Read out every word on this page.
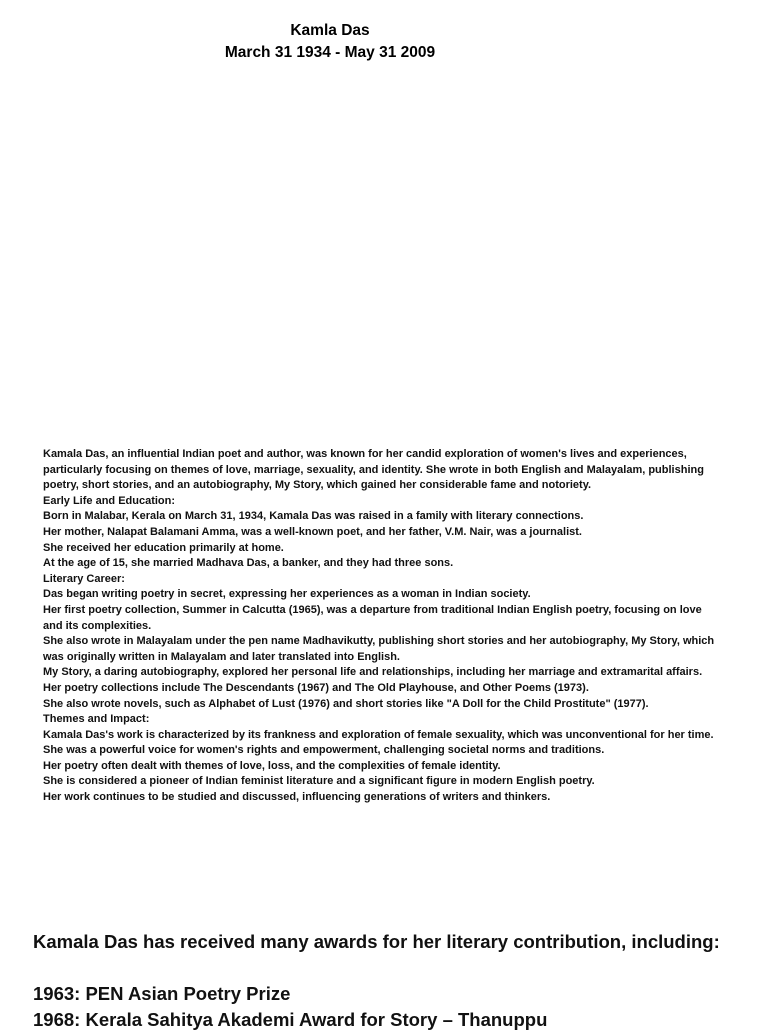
Kamla Das
March 31 1934 - May 31 2009

Kamala Das, an influential Indian poet and author, was known for her candid exploration of women's lives and experiences, particularly focusing on themes of love, marriage, sexuality, and identity. She wrote in both English and Malayalam, publishing poetry, short stories, and an autobiography, My Story, which gained her considerable fame and notoriety.

Early Life and Education:

Born in Malabar, Kerala on March 31, 1934, Kamala Das was raised in a family with literary connections.

Her mother, Nalapat Balamani Amma, was a well-known poet, and her father, V.M. Nair, was a journalist.

She received her education primarily at home.

At the age of 15, she married Madhava Das, a banker, and they had three sons.

Literary Career:

Das began writing poetry in secret, expressing her experiences as a woman in Indian society.

Her first poetry collection, Summer in Calcutta (1965), was a departure from traditional Indian English poetry, focusing on love and its complexities.

She also wrote in Malayalam under the pen name Madhavikutty, publishing short stories and her autobiography, My Story, which was originally written in Malayalam and later translated into English.

My Story, a daring autobiography, explored her personal life and relationships, including her marriage and extramarital affairs.

Her poetry collections include The Descendants (1967) and The Old Playhouse, and Other Poems (1973).

She also wrote novels, such as Alphabet of Lust (1976) and short stories like "A Doll for the Child Prostitute" (1977).

Themes and Impact:

Kamala Das's work is characterized by its frankness and exploration of female sexuality, which was unconventional for her time.

She was a powerful voice for women's rights and empowerment, challenging societal norms and traditions.

Her poetry often dealt with themes of love, loss, and the complexities of female identity.

She is considered a pioneer of Indian feminist literature and a significant figure in modern English poetry.

Her work continues to be studied and discussed, influencing generations of writers and thinkers.

Kamala Das has received many awards for her literary contribution, including:

1963: PEN Asian Poetry Prize

1968: Kerala Sahitya Akademi Award for Story – Thanuppu
